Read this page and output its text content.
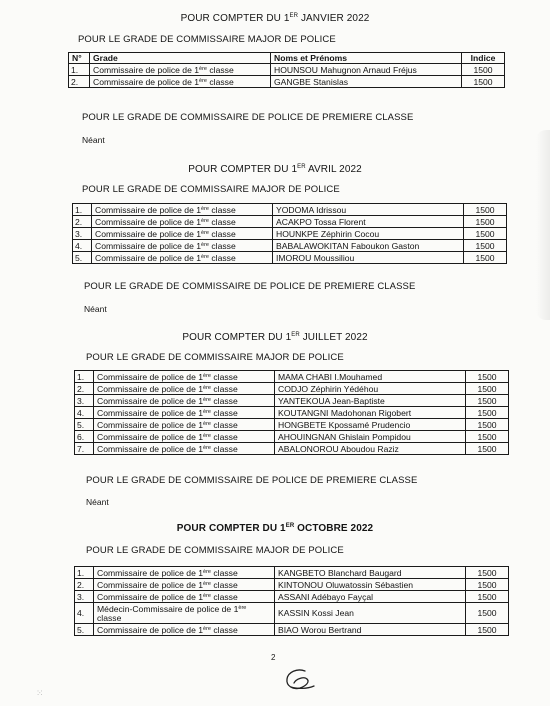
POUR COMPTER DU 1ER JANVIER 2022
POUR LE GRADE DE COMMISSAIRE MAJOR DE POLICE
N°	Grade	Noms et Prénoms	Indice
1.	Commissaire de police de 1ère classe	HOUNSOU Mahugnon Arnaud Fréjus	1500
2.	Commissaire de police de 1ère classe	GANGBE Stanislas	1500
POUR LE GRADE DE COMMISSAIRE DE POLICE DE PREMIERE CLASSE
Néant
POUR COMPTER DU 1ER AVRIL 2022
POUR LE GRADE DE COMMISSAIRE MAJOR DE POLICE
1.	Commissaire de police de 1ère classe	YODOMA Idrissou	1500
2.	Commissaire de police de 1ère classe	ACAKPO Tossa Florent	1500
3.	Commissaire de police de 1ère classe	HOUNKPE Zéphirin Cocou	1500
4.	Commissaire de police de 1ère classe	BABALAWOKITAN Faboukon Gaston	1500
5.	Commissaire de police de 1ère classe	IMOROU Moussiliou	1500
POUR LE GRADE DE COMMISSAIRE DE POLICE DE PREMIERE CLASSE
Néant
POUR COMPTER DU 1ER JUILLET 2022
POUR LE GRADE DE COMMISSAIRE MAJOR DE POLICE
1.	Commissaire de police de 1ère classe	MAMA CHABI I.Mouhamed	1500
2.	Commissaire de police de 1ère classe	CODJO Zéphirin Yédéhou	1500
3.	Commissaire de police de 1ère classe	YANTEKOUA Jean-Baptiste	1500
4.	Commissaire de police de 1ère classe	KOUTANGNI Madohonan Rigobert	1500
5.	Commissaire de police de 1ère classe	HONGBETE Kpossamé Prudencio	1500
6.	Commissaire de police de 1ère classe	AHOUINGNAN Ghislain Pompidou	1500
7.	Commissaire de police de 1ère classe	ABALONOROU Aboudou Raziz	1500
POUR LE GRADE DE COMMISSAIRE DE POLICE DE PREMIERE CLASSE
Néant
POUR COMPTER DU 1ER OCTOBRE 2022
POUR LE GRADE DE COMMISSAIRE MAJOR DE POLICE
1.	Commissaire de police de 1ère classe	KANGBETO Blanchard Baugard	1500
2.	Commissaire de police de 1ère classe	KINTONOU Oluwatossin Sébastien	1500
3.	Commissaire de police de 1ère classe	ASSANI Adébayo Fayçal	1500
4.	Médecin-Commissaire de police de 1ère classe	KASSIN Kossi Jean	1500
5.	Commissaire de police de 1ère classe	BIAO Worou Bertrand	1500
2
⁙
